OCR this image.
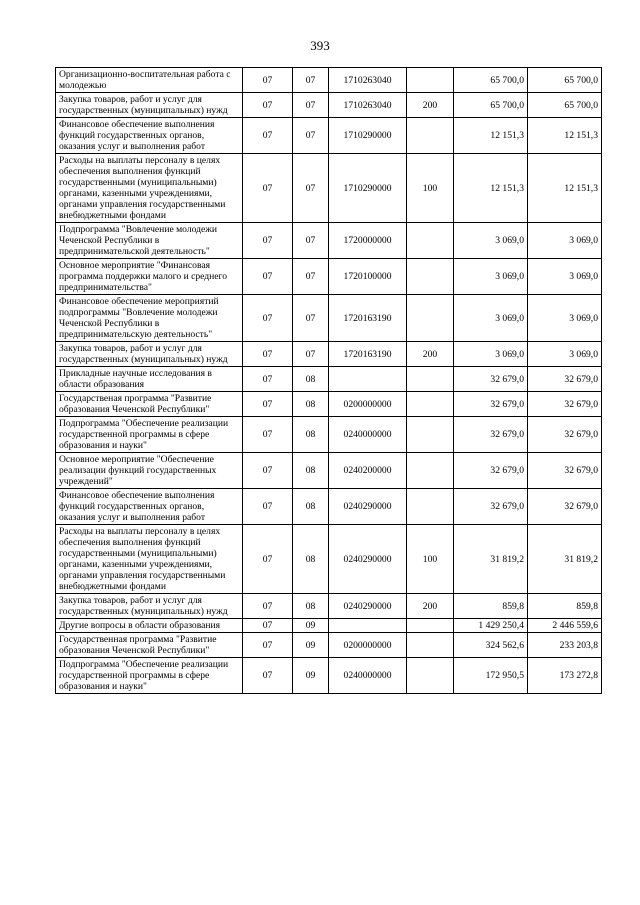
393
Организационно-воспитательная работа с молодежью	07	07	1710263040		65 700,0	65 700,0
Закупка товаров, работ и услуг для государственных (муниципальных) нужд	07	07	1710263040	200	65 700,0	65 700,0
Финансовое обеспечение выполнения функций государственных органов, оказания услуг и выполнения работ	07	07	1710290000		12 151,3	12 151,3
Расходы на выплаты персоналу в целях обеспечения выполнения функций государственными (муниципальными) органами, казенными учреждениями, органами управления государственными внебюджетными фондами	07	07	1710290000	100	12 151,3	12 151,3
Подпрограмма "Вовлечение молодежи Чеченской Республики в предпринимательской деятельность"	07	07	1720000000		3 069,0	3 069,0
Основное мероприятие "Финансовая программа поддержки малого и среднего предпринимательства"	07	07	1720100000		3 069,0	3 069,0
Финансовое обеспечение мероприятий подпрограммы "Вовлечение молодежи Чеченской Республики в предпринимательскую деятельность"	07	07	1720163190		3 069,0	3 069,0
Закупка товаров, работ и услуг для государственных (муниципальных) нужд	07	07	1720163190	200	3 069,0	3 069,0
Прикладные научные исследования в области образования	07	08			32 679,0	32 679,0
Государственая программа "Развитие образования Чеченской Республики"	07	08	0200000000		32 679,0	32 679,0
Подпрограмма "Обеспечение реализации государственной программы в сфере образования и науки"	07	08	0240000000		32 679,0	32 679,0
Основное мероприятие "Обеспечение реализации функций государственных учреждений"	07	08	0240200000		32 679,0	32 679,0
Финансовое обеспечение выполнения функций государственных органов, оказания услуг и выполнения работ	07	08	0240290000		32 679,0	32 679,0
Расходы на выплаты персоналу в целях обеспечения выполнения функций государственными (муниципальными) органами, казенными учреждениями, органами управления государственными внебюджетными фондами	07	08	0240290000	100	31 819,2	31 819,2
Закупка товаров, работ и услуг для государственных (муниципальных) нужд	07	08	0240290000	200	859,8	859,8
Другие вопросы в области образования	07	09			1 429 250,4	2 446 559,6
Государственная программа "Развитие образования Чеченской Республики"	07	09	0200000000		324 562,6	233 203,8
Подпрограмма "Обеспечение реализации государственной программы в сфере образования и науки"	07	09	0240000000		172 950,5	173 272,8
